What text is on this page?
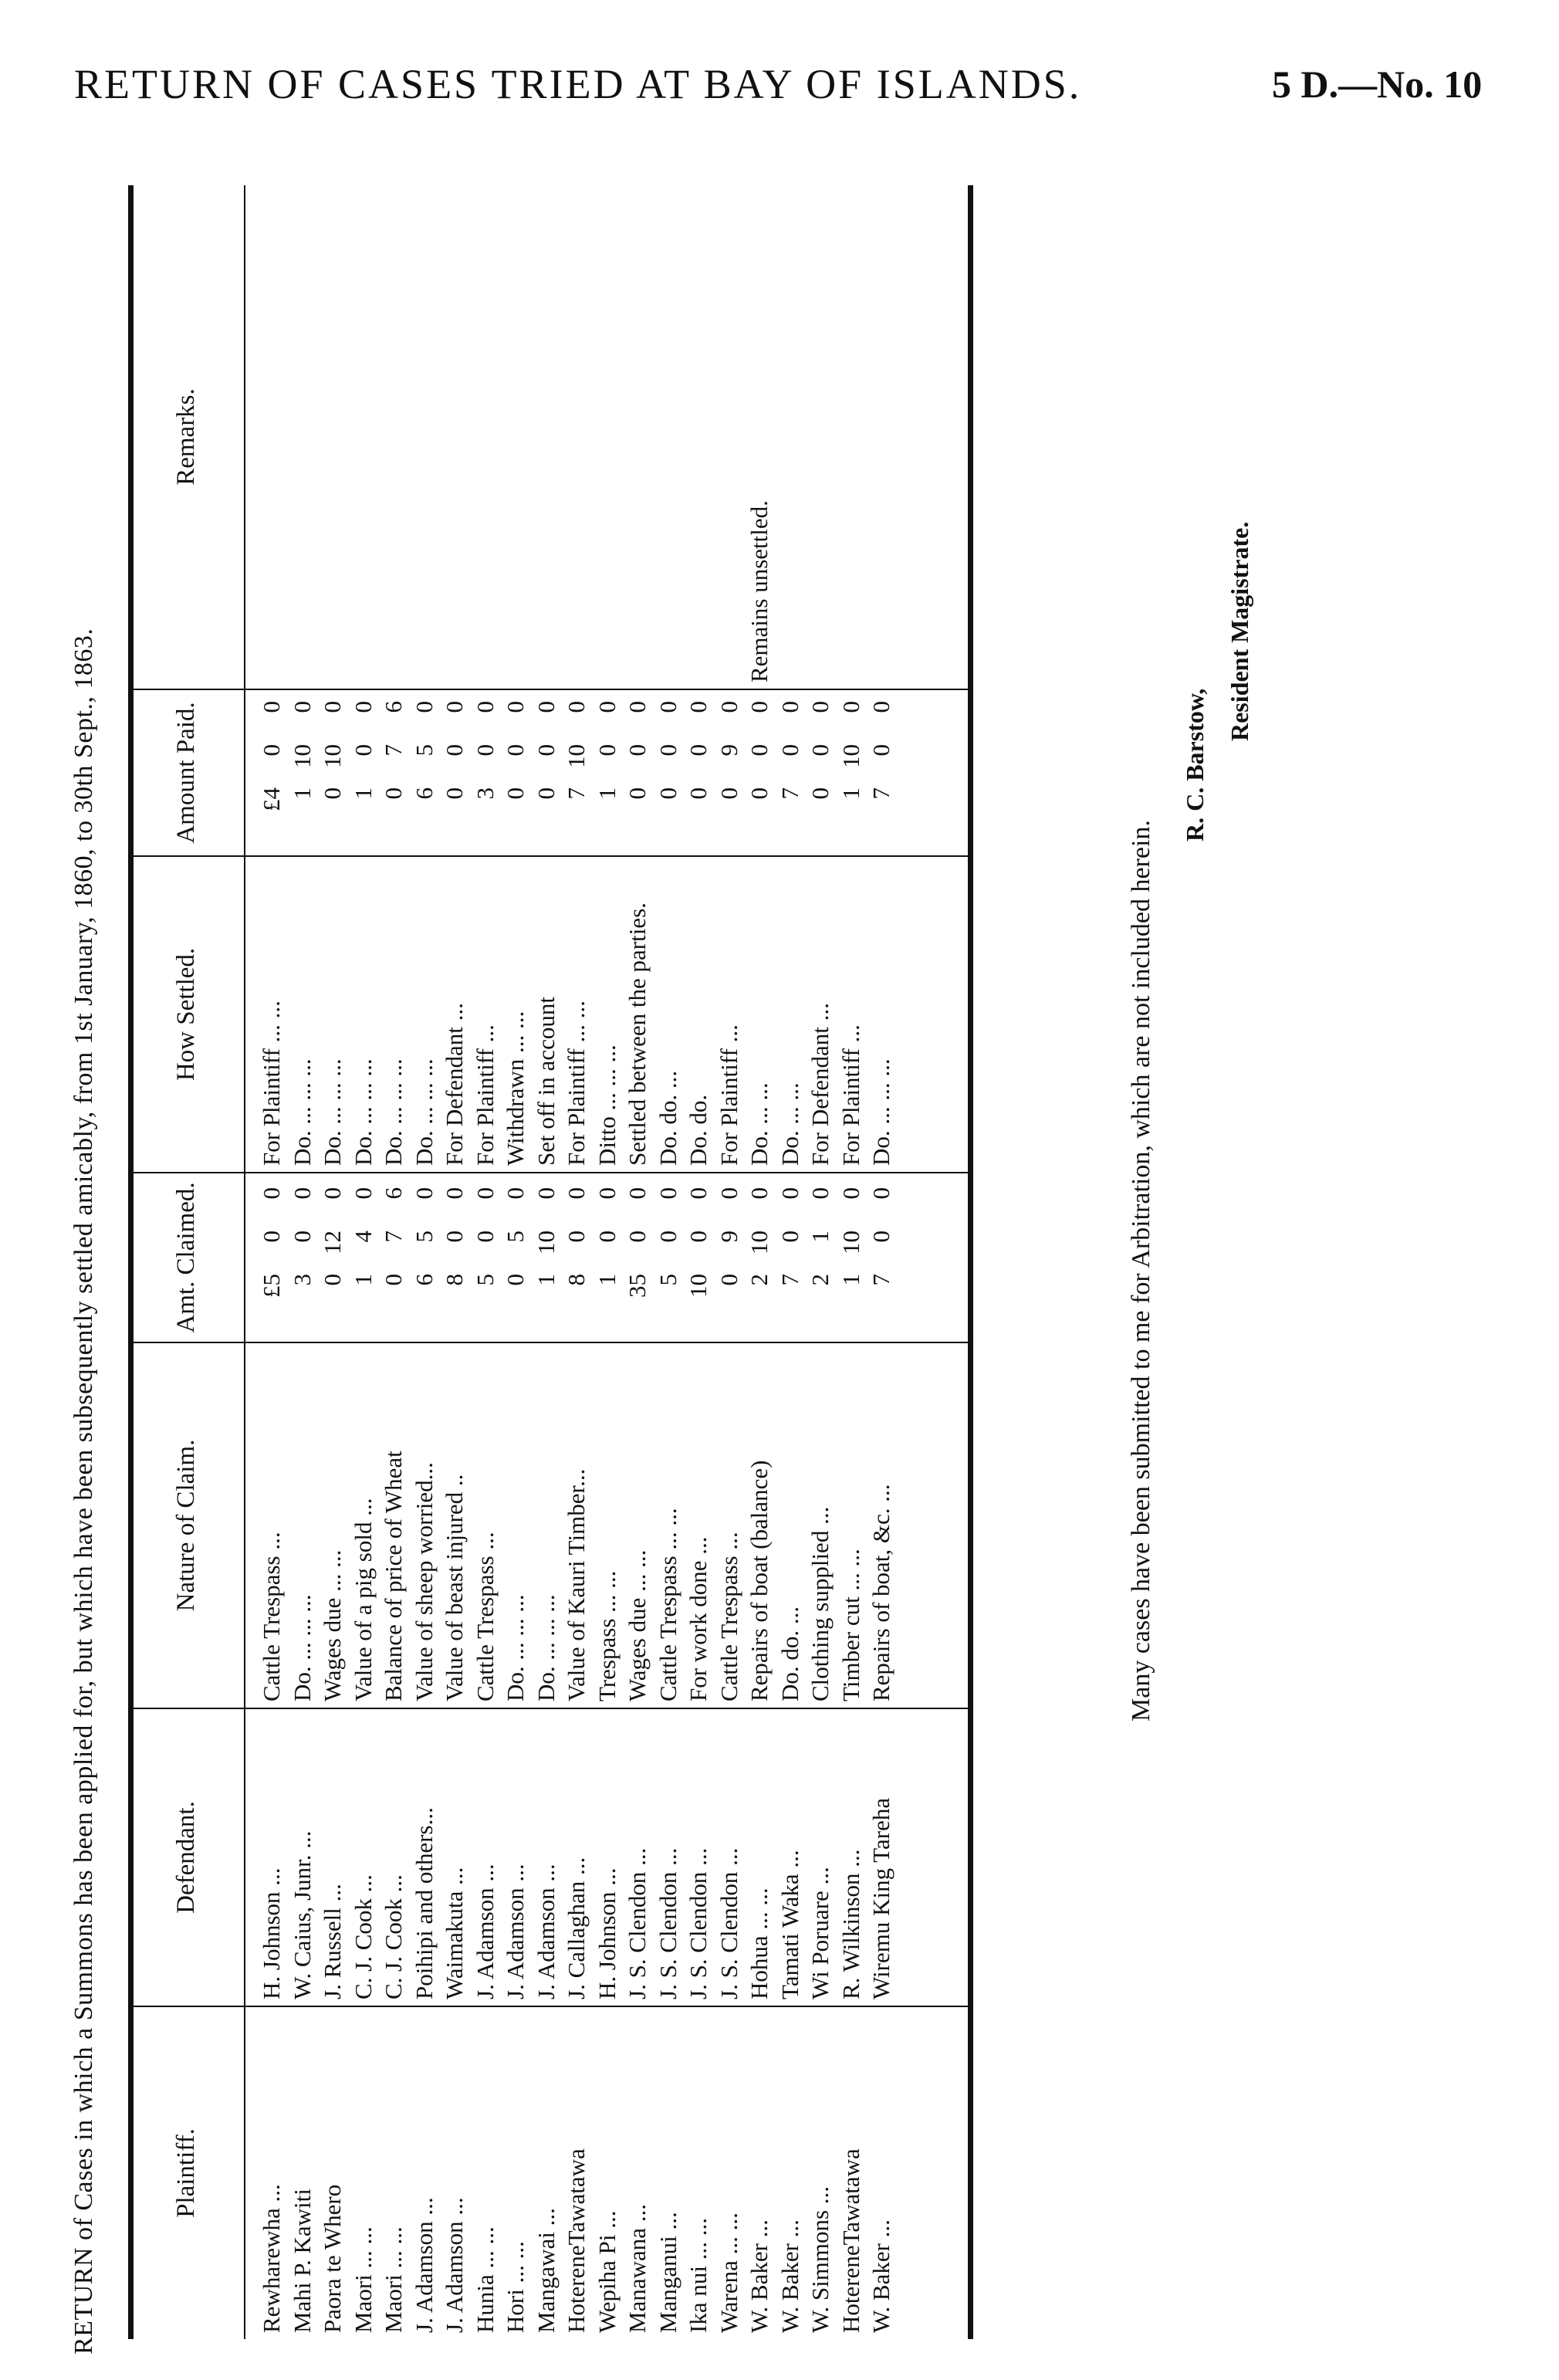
RETURN OF CASES TRIED AT BAY OF ISLANDS.	5 D.—No. 10
RETURN of Cases in which a Summons has been applied for, but which have been subsequently settled amicably, from 1st January, 1860, to 30th Sept., 1863.	Plaintiff.
Defendant.
Nature of Claim.
Amt. Claimed.
How Settled.
Amount Paid.
Remarks.
Rewharewha ...
H. Johnson ...
Cattle Trespass ...
£5
0
0
For Plaintiff ... ...
£4
0
0
Mahi P. Kawiti
W. Caius, Junr. ...
Do. ... ... ...
3
0
0
Do. ... ... ...
1
10
0
Paora te Whero
J. Russell ...
Wages due ... ...
0
12
0
Do. ... ... ...
0
10
0
Maori ... ...
C. J. Cook ...
Value of a pig sold ...
1
4
0
Do. ... ... ...
1
0
0
Maori ... ...
C. J. Cook ...
Balance of price of Wheat
0
7
6
Do. ... ... ...
0
7
6
J. Adamson ...
Poihipi and others...
Value of sheep worried...
6
5
0
Do. ... ... ...
6
5
0
J. Adamson ...
Waimakuta ...
Value of beast injured ..
8
0
0
For Defendant ...
0
0
0
Hunia ... ...
J. Adamson ...
Cattle Trespass ...
5
0
0
For Plaintiff ...
3
0
0
Hori ... ...
J. Adamson ...
Do. ... ... ...
0
5
0
Withdrawn ... ...
0
0
0
Mangawai ...
J. Adamson ...
Do. ... ... ...
1
10
0
Set off in account
0
0
0
HotereneTawatawa
J. Callaghan ...
Value of Kauri Timber...
8
0
0
For Plaintiff ... ...
7
10
0
Wepiha Pi ...
H. Johnson ...
Trespass ... ...
1
0
0
Ditto ... ... ...
1
0
0
Manawana ...
J. S. Clendon ...
Wages due ... ...
35
0
0
Settled between the parties.
0
0
0
Manganui ...
J. S. Clendon ...
Cattle Trespass ... ...
5
0
0
Do. do. ...
0
0
0
Ika nui ... ...
J. S. Clendon ...
For work done ...
10
0
0
Do. do.
0
0
0
Warena ... ...
J. S. Clendon ...
Cattle Trespass ...
0
9
0
For Plaintiff ...
0
9
0
W. Baker ...
Hohua ... ...
Repairs of boat (balance)
2
10
0
Do. ... ...
0
0
0
Remains unsettled.
W. Baker ...
Tamati Waka ...
Do. do. ...
7
0
0
Do. ... ...
7
0
0
W. Simmons ...
Wi Poruare ...
Clothing supplied ...
2
1
0
For Defendant ...
0
0
0
HotereneTawatawa
R. Wilkinson ...
Timber cut ... ...
1
10
0
For Plaintiff ...
1
10
0
W. Baker ...
Wiremu King Tareha
Repairs of boat, &c. ...
7
0
0
Do. ... ... ...
7
0
0
Many cases have been submitted to me for Arbitration, which are not included herein.
R. C. Barstow,
Resident Magistrate.
